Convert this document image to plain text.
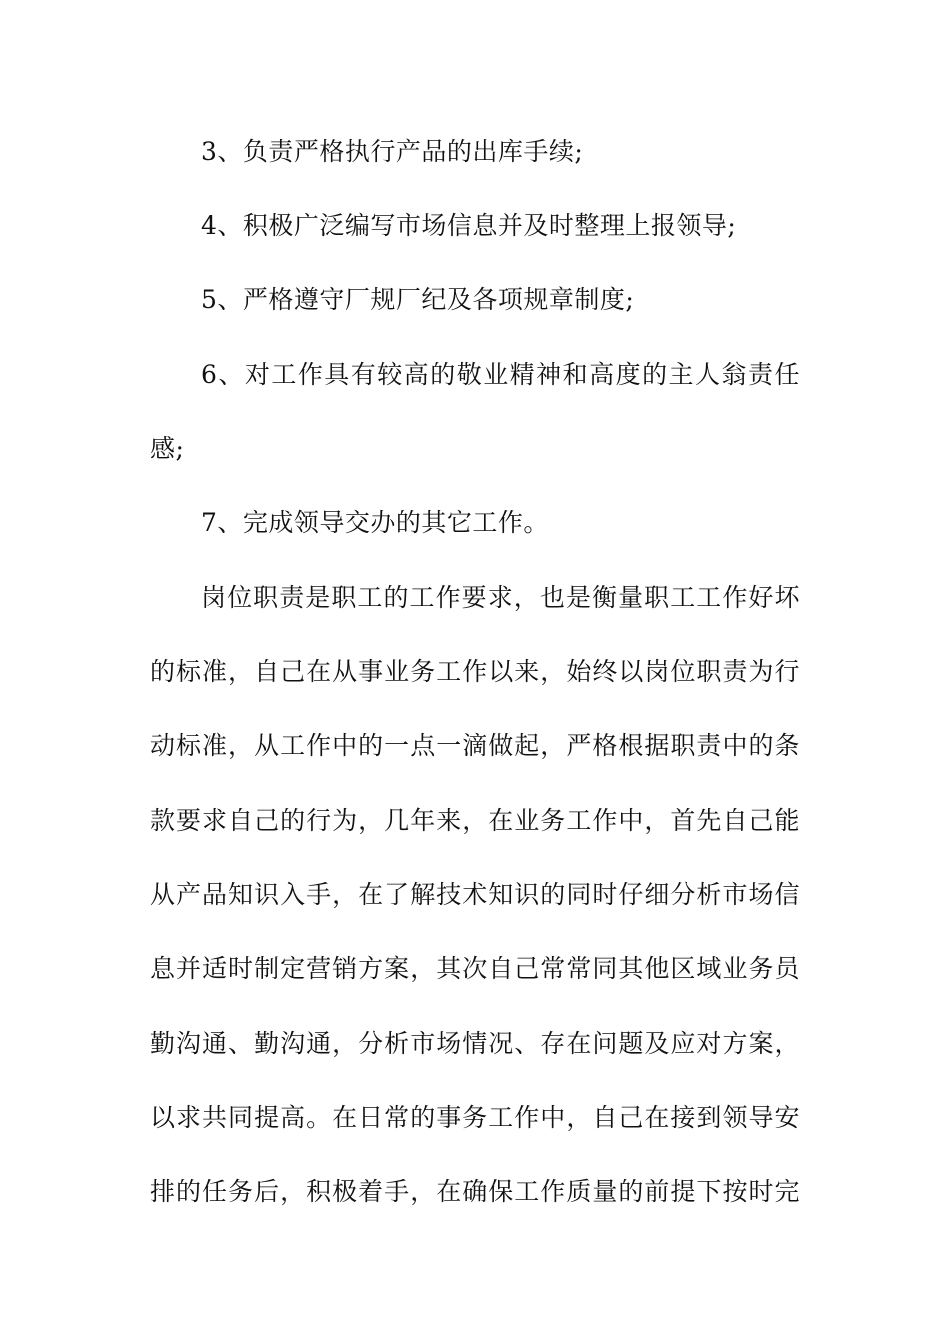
3、负责严格执行产品的出库手续;
4、积极广泛编写市场信息并及时整理上报领导;
5、严格遵守厂规厂纪及各项规章制度;
6、对工作具有较高的敬业精神和高度的主人翁责任
感;
7、完成领导交办的其它工作。
岗位职责是职工的工作要求，也是衡量职工工作好坏
的标准，自己在从事业务工作以来，始终以岗位职责为行
动标准，从工作中的一点一滴做起，严格根据职责中的条
款要求自己的行为，几年来，在业务工作中，首先自己能
从产品知识入手，在了解技术知识的同时仔细分析市场信
息并适时制定营销方案，其次自己常常同其他区域业务员
勤沟通、勤沟通，分析市场情况、存在问题及应对方案，
以求共同提高。在日常的事务工作中，自己在接到领导安
排的任务后，积极着手，在确保工作质量的前提下按时完
